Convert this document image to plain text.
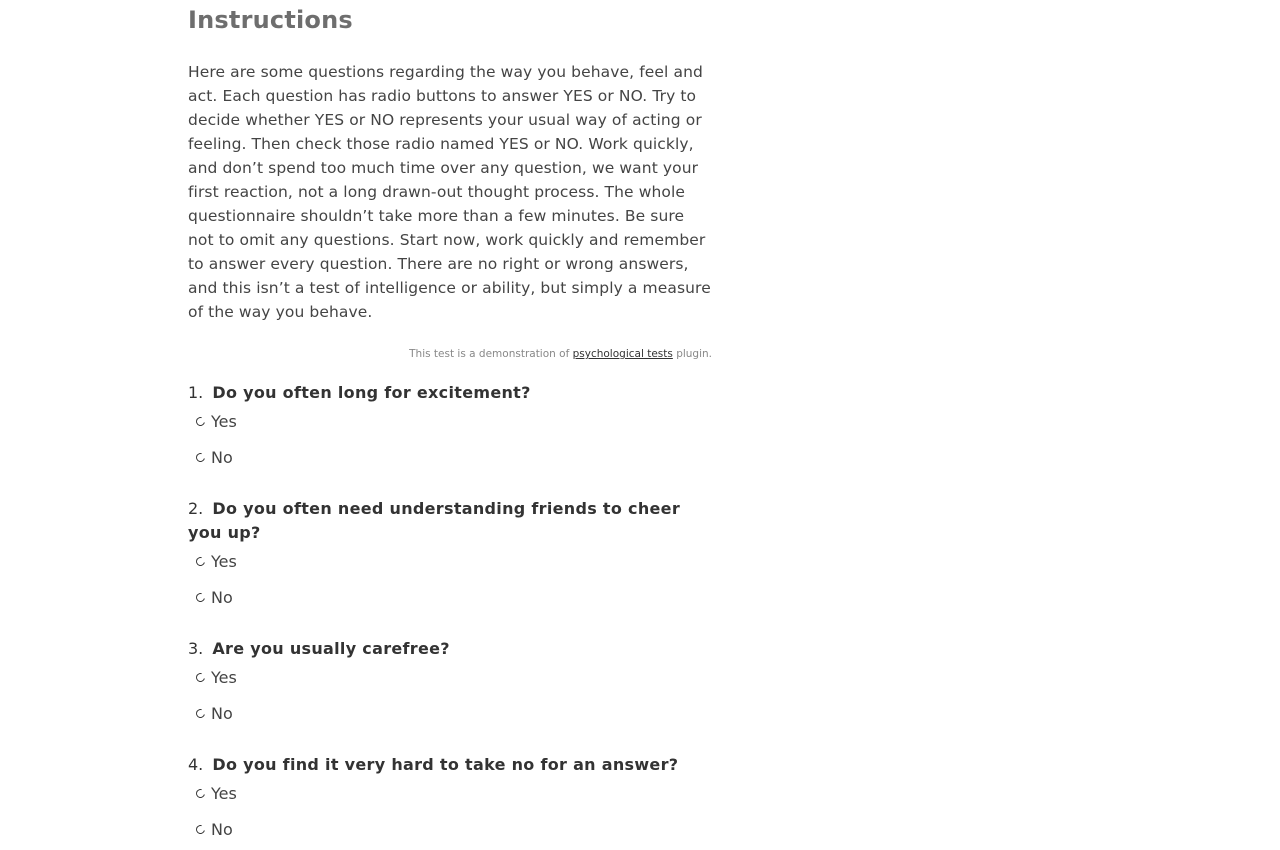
Instructions

Here are some questions regarding the way you behave, feel and act. Each question has radio buttons to answer YES or NO. Try to decide whether YES or NO represents your usual way of acting or feeling. Then check those radio named YES or NO. Work quickly, and don’t spend too much time over any question, we want your first reaction, not a long drawn-out thought process. The whole questionnaire shouldn’t take more than a few minutes. Be sure not to omit any questions. Start now, work quickly and remember to answer every question. There are no right or wrong answers, and this isn’t a test of intelligence or ability, but simply a measure of the way you behave.

This test is a demonstration of psychological tests plugin.
1. Do you often long for excitement?
Yes
No
2. Do you often need understanding friends to cheer you up?
Yes
No
3. Are you usually carefree?
Yes
No
4. Do you find it very hard to take no for an answer?
Yes
No
